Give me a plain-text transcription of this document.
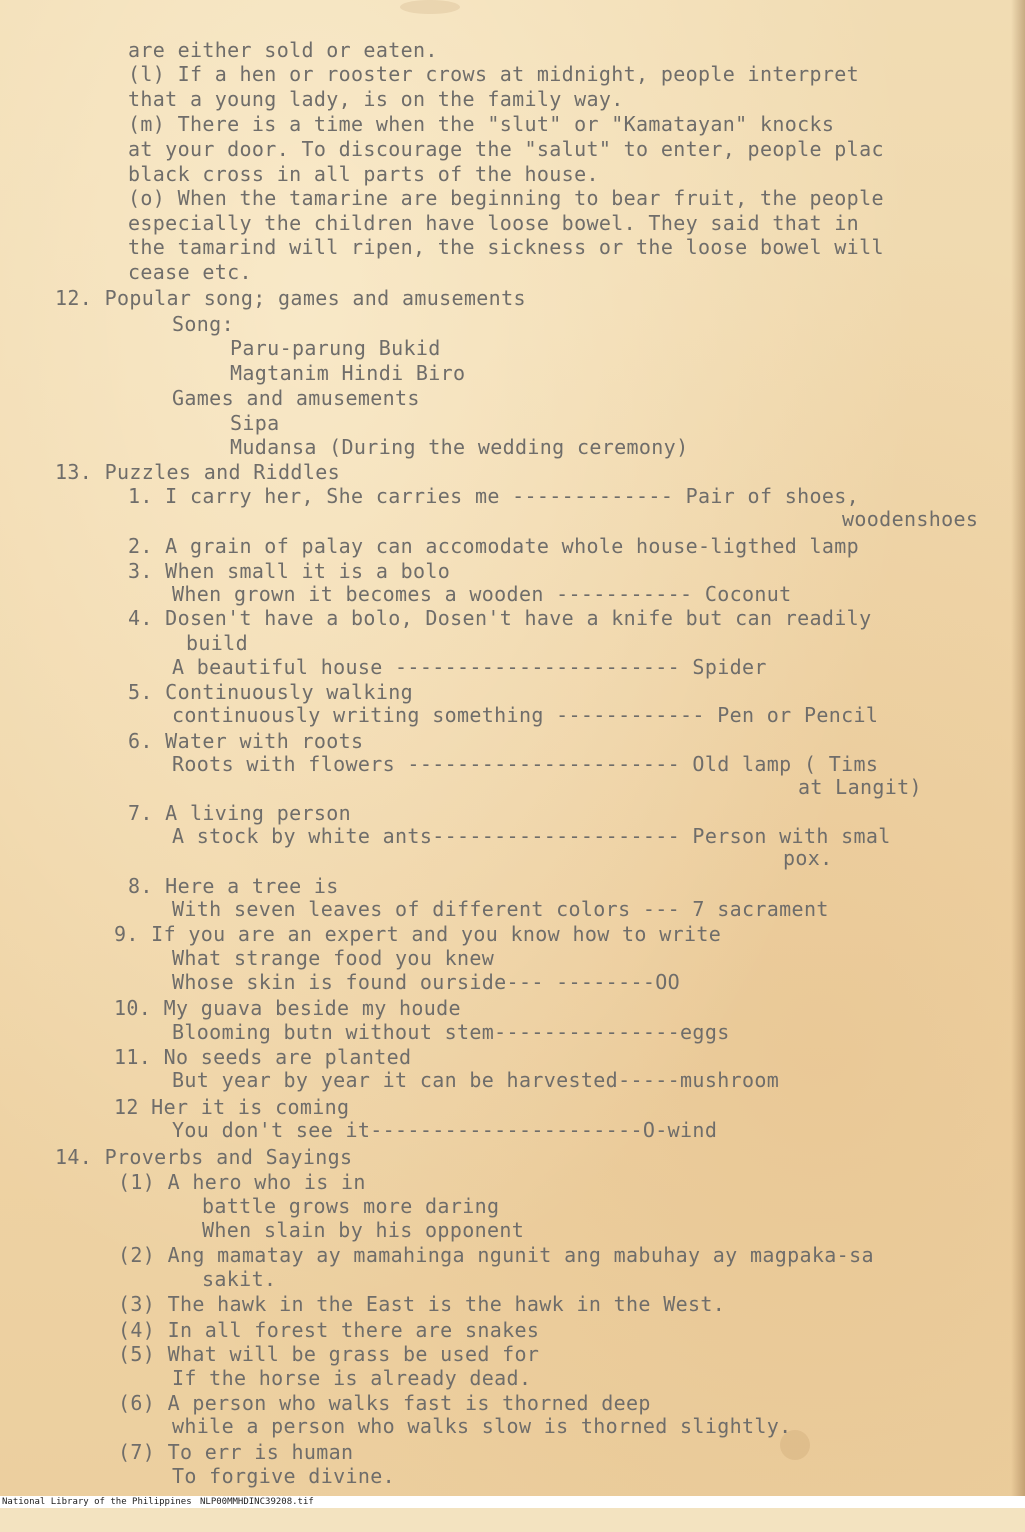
are either sold or eaten.
(l) If a hen or rooster crows at midnight, people interpret
that a young lady, is on the family way.
(m) There is a time when the "slut" or "Kamatayan" knocks
at your door. To discourage the "salut" to enter, people plac
black cross in all parts of the house.
(o) When the tamarine are beginning to bear fruit, the people
especially the children have loose bowel. They said that in
the tamarind will ripen, the sickness or the loose bowel will
cease etc.
12. Popular song; games and amusements
Song:
Paru-parung Bukid
Magtanim Hindi Biro
Games and amusements
Sipa
Mudansa (During the wedding ceremony)
13. Puzzles and Riddles
1. I carry her, She carries me ------------- Pair of shoes,
woodenshoes
2. A grain of palay can accomodate whole house-ligthed lamp
3. When small it is a bolo
When grown it becomes a wooden ----------- Coconut
4. Dosen't have a bolo, Dosen't have a knife but can readily
build
A beautiful house ----------------------- Spider
5. Continuously walking
continuously writing something ------------ Pen or Pencil
6. Water with roots
Roots with flowers ---------------------- Old lamp ( Tims
at Langit)
7. A living person
A stock by white ants-------------------- Person with smal
pox.
8. Here a tree is
With seven leaves of different colors --- 7 sacrament
9. If you are an expert and you know how to write
What strange food you knew
Whose skin is found ourside--- --------OO
10. My guava beside my houde
Blooming butn without stem---------------eggs
11. No seeds are planted
But year by year it can be harvested-----mushroom
12 Her it is coming
You don't see it----------------------O-wind
14. Proverbs and Sayings
(1) A hero who is in
battle grows more daring
When slain by his opponent
(2) Ang mamatay ay mamahinga ngunit ang mabuhay ay magpaka-sa
sakit.
(3) The hawk in the East is the hawk in the West.
(4) In all forest there are snakes
(5) What will be grass be used for
If the horse is already dead.
(6) A person who walks fast is thorned deep
while a person who walks slow is thorned slightly.
(7) To err is human
To forgive divine.

National Library of the Philippines

NLP00MMHDINC39208.tif
